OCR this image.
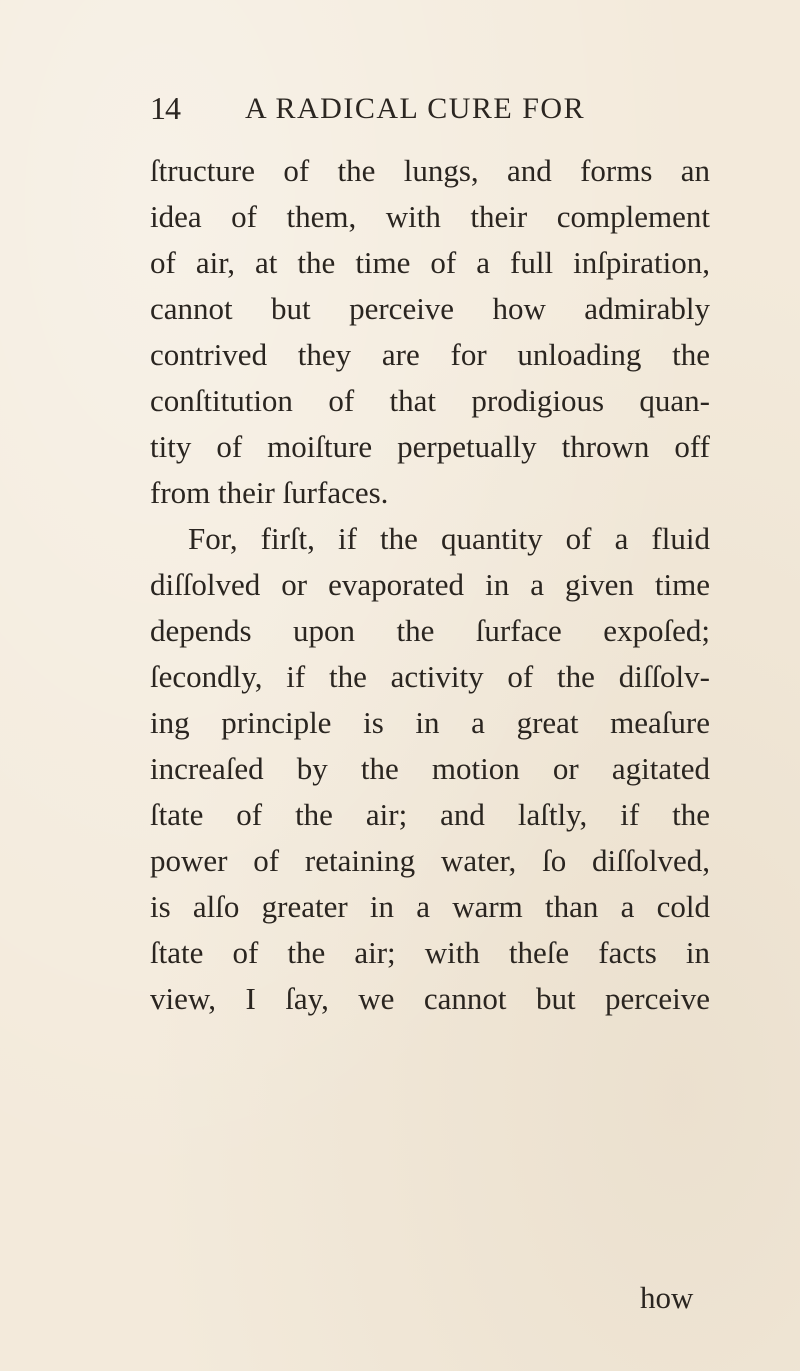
14 A RADICAL CURE FOR
ſtructure of the lungs, and forms an
idea of them, with their complement
of air, at the time of a full inſpiration,
cannot but perceive how admirably
contrived they are for unloading the
conſtitution of that prodigious quan-
tity of moiſture perpetually thrown off
from their ſurfaces.
For, firſt, if the quantity of a fluid
diſſolved or evaporated in a given time
depends upon the ſurface expoſed;
ſecondly, if the activity of the diſſolv-
ing principle is in a great meaſure
increaſed by the motion or agitated
ſtate of the air; and laſtly, if the
power of retaining water, ſo diſſolved,
is alſo greater in a warm than a cold
ſtate of the air; with theſe facts in
view, I ſay, we cannot but perceive
how
